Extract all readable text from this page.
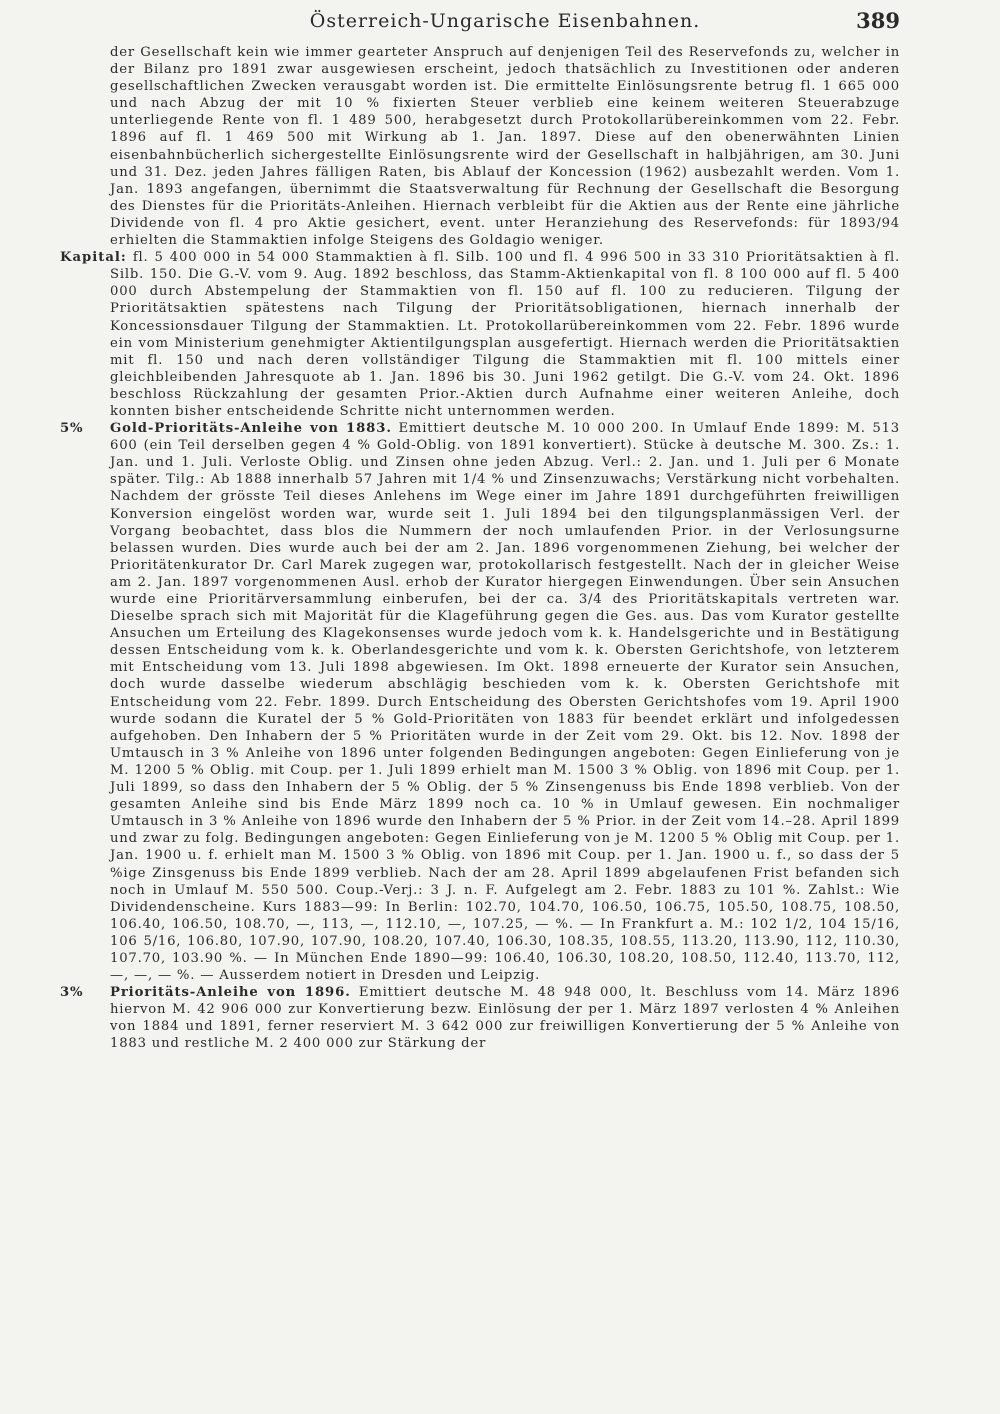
Österreich-Ungarische Eisenbahnen.	389

der Gesellschaft kein wie immer gearteter Anspruch auf denjenigen Teil des Reservefonds zu, welcher in der Bilanz pro 1891 zwar ausgewiesen erscheint, jedoch thatsächlich zu Investitionen oder anderen gesellschaftlichen Zwecken verausgabt worden ist. Die ermittelte Einlösungsrente betrug fl. 1 665 000 und nach Abzug der mit 10 % fixierten Steuer verblieb eine keinem weiteren Steuerabzuge unterliegende Rente von fl. 1 489 500, herabgesetzt durch Protokollarübereinkommen vom 22. Febr. 1896 auf fl. 1 469 500 mit Wirkung ab 1. Jan. 1897. Diese auf den obenerwähnten Linien eisenbahnbücherlich sichergestellte Einlösungsrente wird der Gesellschaft in halbjährigen, am 30. Juni und 31. Dez. jeden Jahres fälligen Raten, bis Ablauf der Koncession (1962) ausbezahlt werden. Vom 1. Jan. 1893 angefangen, übernimmt die Staatsverwaltung für Rechnung der Gesellschaft die Besorgung des Dienstes für die Prioritäts-Anleihen. Hiernach verbleibt für die Aktien aus der Rente eine jährliche Dividende von fl. 4 pro Aktie gesichert, event. unter Heranziehung des Reservefonds: für 1893/94 erhielten die Stammaktien infolge Steigens des Goldagio weniger.

Kapital: fl. 5 400 000 in 54 000 Stammaktien à fl. Silb. 100 und fl. 4 996 500 in 33 310 Prioritätsaktien à fl. Silb. 150. Die G.-V. vom 9. Aug. 1892 beschloss, das Stamm-Aktienkapital von fl. 8 100 000 auf fl. 5 400 000 durch Abstempelung der Stammaktien von fl. 150 auf fl. 100 zu reducieren. Tilgung der Prioritätsaktien spätestens nach Tilgung der Prioritätsobligationen, hiernach innerhalb der Koncessionsdauer Tilgung der Stammaktien. Lt. Protokollarübereinkommen vom 22. Febr. 1896 wurde ein vom Ministerium genehmigter Aktientilgungsplan ausgefertigt. Hiernach werden die Prioritätsaktien mit fl. 150 und nach deren vollständiger Tilgung die Stammaktien mit fl. 100 mittels einer gleichbleibenden Jahresquote ab 1. Jan. 1896 bis 30. Juni 1962 getilgt. Die G.-V. vom 24. Okt. 1896 beschloss Rückzahlung der gesamten Prior.-Aktien durch Aufnahme einer weiteren Anleihe, doch konnten bisher entscheidende Schritte nicht unternommen werden.

5% Gold-Prioritäts-Anleihe von 1883. Emittiert deutsche M. 10 000 200. In Umlauf Ende 1899: M. 513 600 (ein Teil derselben gegen 4 % Gold-Oblig. von 1891 konvertiert). Stücke à deutsche M. 300. Zs.: 1. Jan. und 1. Juli. Verloste Oblig. und Zinsen ohne jeden Abzug. Verl.: 2. Jan. und 1. Juli per 6 Monate später. Tilg.: Ab 1888 innerhalb 57 Jahren mit 1/4 % und Zinsenzuwachs; Verstärkung nicht vorbehalten. Nachdem der grösste Teil dieses Anlehens im Wege einer im Jahre 1891 durchgeführten freiwilligen Konversion eingelöst worden war, wurde seit 1. Juli 1894 bei den tilgungsplanmässigen Verl. der Vorgang beobachtet, dass blos die Nummern der noch umlaufenden Prior. in der Verlosungsurne belassen wurden. Dies wurde auch bei der am 2. Jan. 1896 vorgenommenen Ziehung, bei welcher der Prioritätenkurator Dr. Carl Marek zugegen war, protokollarisch festgestellt. Nach der in gleicher Weise am 2. Jan. 1897 vorgenommenen Ausl. erhob der Kurator hiergegen Einwendungen. Über sein Ansuchen wurde eine Prioritärversammlung einberufen, bei der ca. 3/4 des Prioritätskapitals vertreten war. Dieselbe sprach sich mit Majorität für die Klageführung gegen die Ges. aus. Das vom Kurator gestellte Ansuchen um Erteilung des Klagekonsenses wurde jedoch vom k. k. Handelsgerichte und in Bestätigung dessen Entscheidung vom k. k. Oberlandesgerichte und vom k. k. Obersten Gerichtshofe, von letzterem mit Entscheidung vom 13. Juli 1898 abgewiesen. Im Okt. 1898 erneuerte der Kurator sein Ansuchen, doch wurde dasselbe wiederum abschlägig beschieden vom k. k. Obersten Gerichtshofe mit Entscheidung vom 22. Febr. 1899. Durch Entscheidung des Obersten Gerichtshofes vom 19. April 1900 wurde sodann die Kuratel der 5 % Gold-Prioritäten von 1883 für beendet erklärt und infolgedessen aufgehoben. Den Inhabern der 5 % Prioritäten wurde in der Zeit vom 29. Okt. bis 12. Nov. 1898 der Umtausch in 3 % Anleihe von 1896 unter folgenden Bedingungen angeboten: Gegen Einlieferung von je M. 1200 5 % Oblig. mit Coup. per 1. Juli 1899 erhielt man M. 1500 3 % Oblig. von 1896 mit Coup. per 1. Juli 1899, so dass den Inhabern der 5 % Oblig. der 5 % Zinsengenuss bis Ende 1898 verblieb. Von der gesamten Anleihe sind bis Ende März 1899 noch ca. 10 % in Umlauf gewesen. Ein nochmaliger Umtausch in 3 % Anleihe von 1896 wurde den Inhabern der 5 % Prior. in der Zeit vom 14.–28. April 1899 und zwar zu folg. Bedingungen angeboten: Gegen Einlieferung von je M. 1200 5 % Oblig mit Coup. per 1. Jan. 1900 u. f. erhielt man M. 1500 3 % Oblig. von 1896 mit Coup. per 1. Jan. 1900 u. f., so dass der 5 %ige Zinsgenuss bis Ende 1899 verblieb. Nach der am 28. April 1899 abgelaufenen Frist befanden sich noch in Umlauf M. 550 500. Coup.-Verj.: 3 J. n. F. Aufgelegt am 2. Febr. 1883 zu 101 %. Zahlst.: Wie Dividendenscheine. Kurs 1883—99: In Berlin: 102.70, 104.70, 106.50, 106.75, 105.50, 108.75, 108.50, 106.40, 106.50, 108.70, —, 113, —, 112.10, —, 107.25, — %. — In Frankfurt a. M.: 102 1/2, 104 15/16, 106 5/16, 106.80, 107.90, 107.90, 108.20, 107.40, 106.30, 108.35, 108.55, 113.20, 113.90, 112, 110.30, 107.70, 103.90 %. — In München Ende 1890—99: 106.40, 106.30, 108.20, 108.50, 112.40, 113.70, 112, —, —, — %. — Ausserdem notiert in Dresden und Leipzig.

3% Prioritäts-Anleihe von 1896. Emittiert deutsche M. 48 948 000, lt. Beschluss vom 14. März 1896 hiervon M. 42 906 000 zur Konvertierung bezw. Einlösung der per 1. März 1897 verlosten 4 % Anleihen von 1884 und 1891, ferner reserviert M. 3 642 000 zur freiwilligen Konvertierung der 5 % Anleihe von 1883 und restliche M. 2 400 000 zur Stärkung der
